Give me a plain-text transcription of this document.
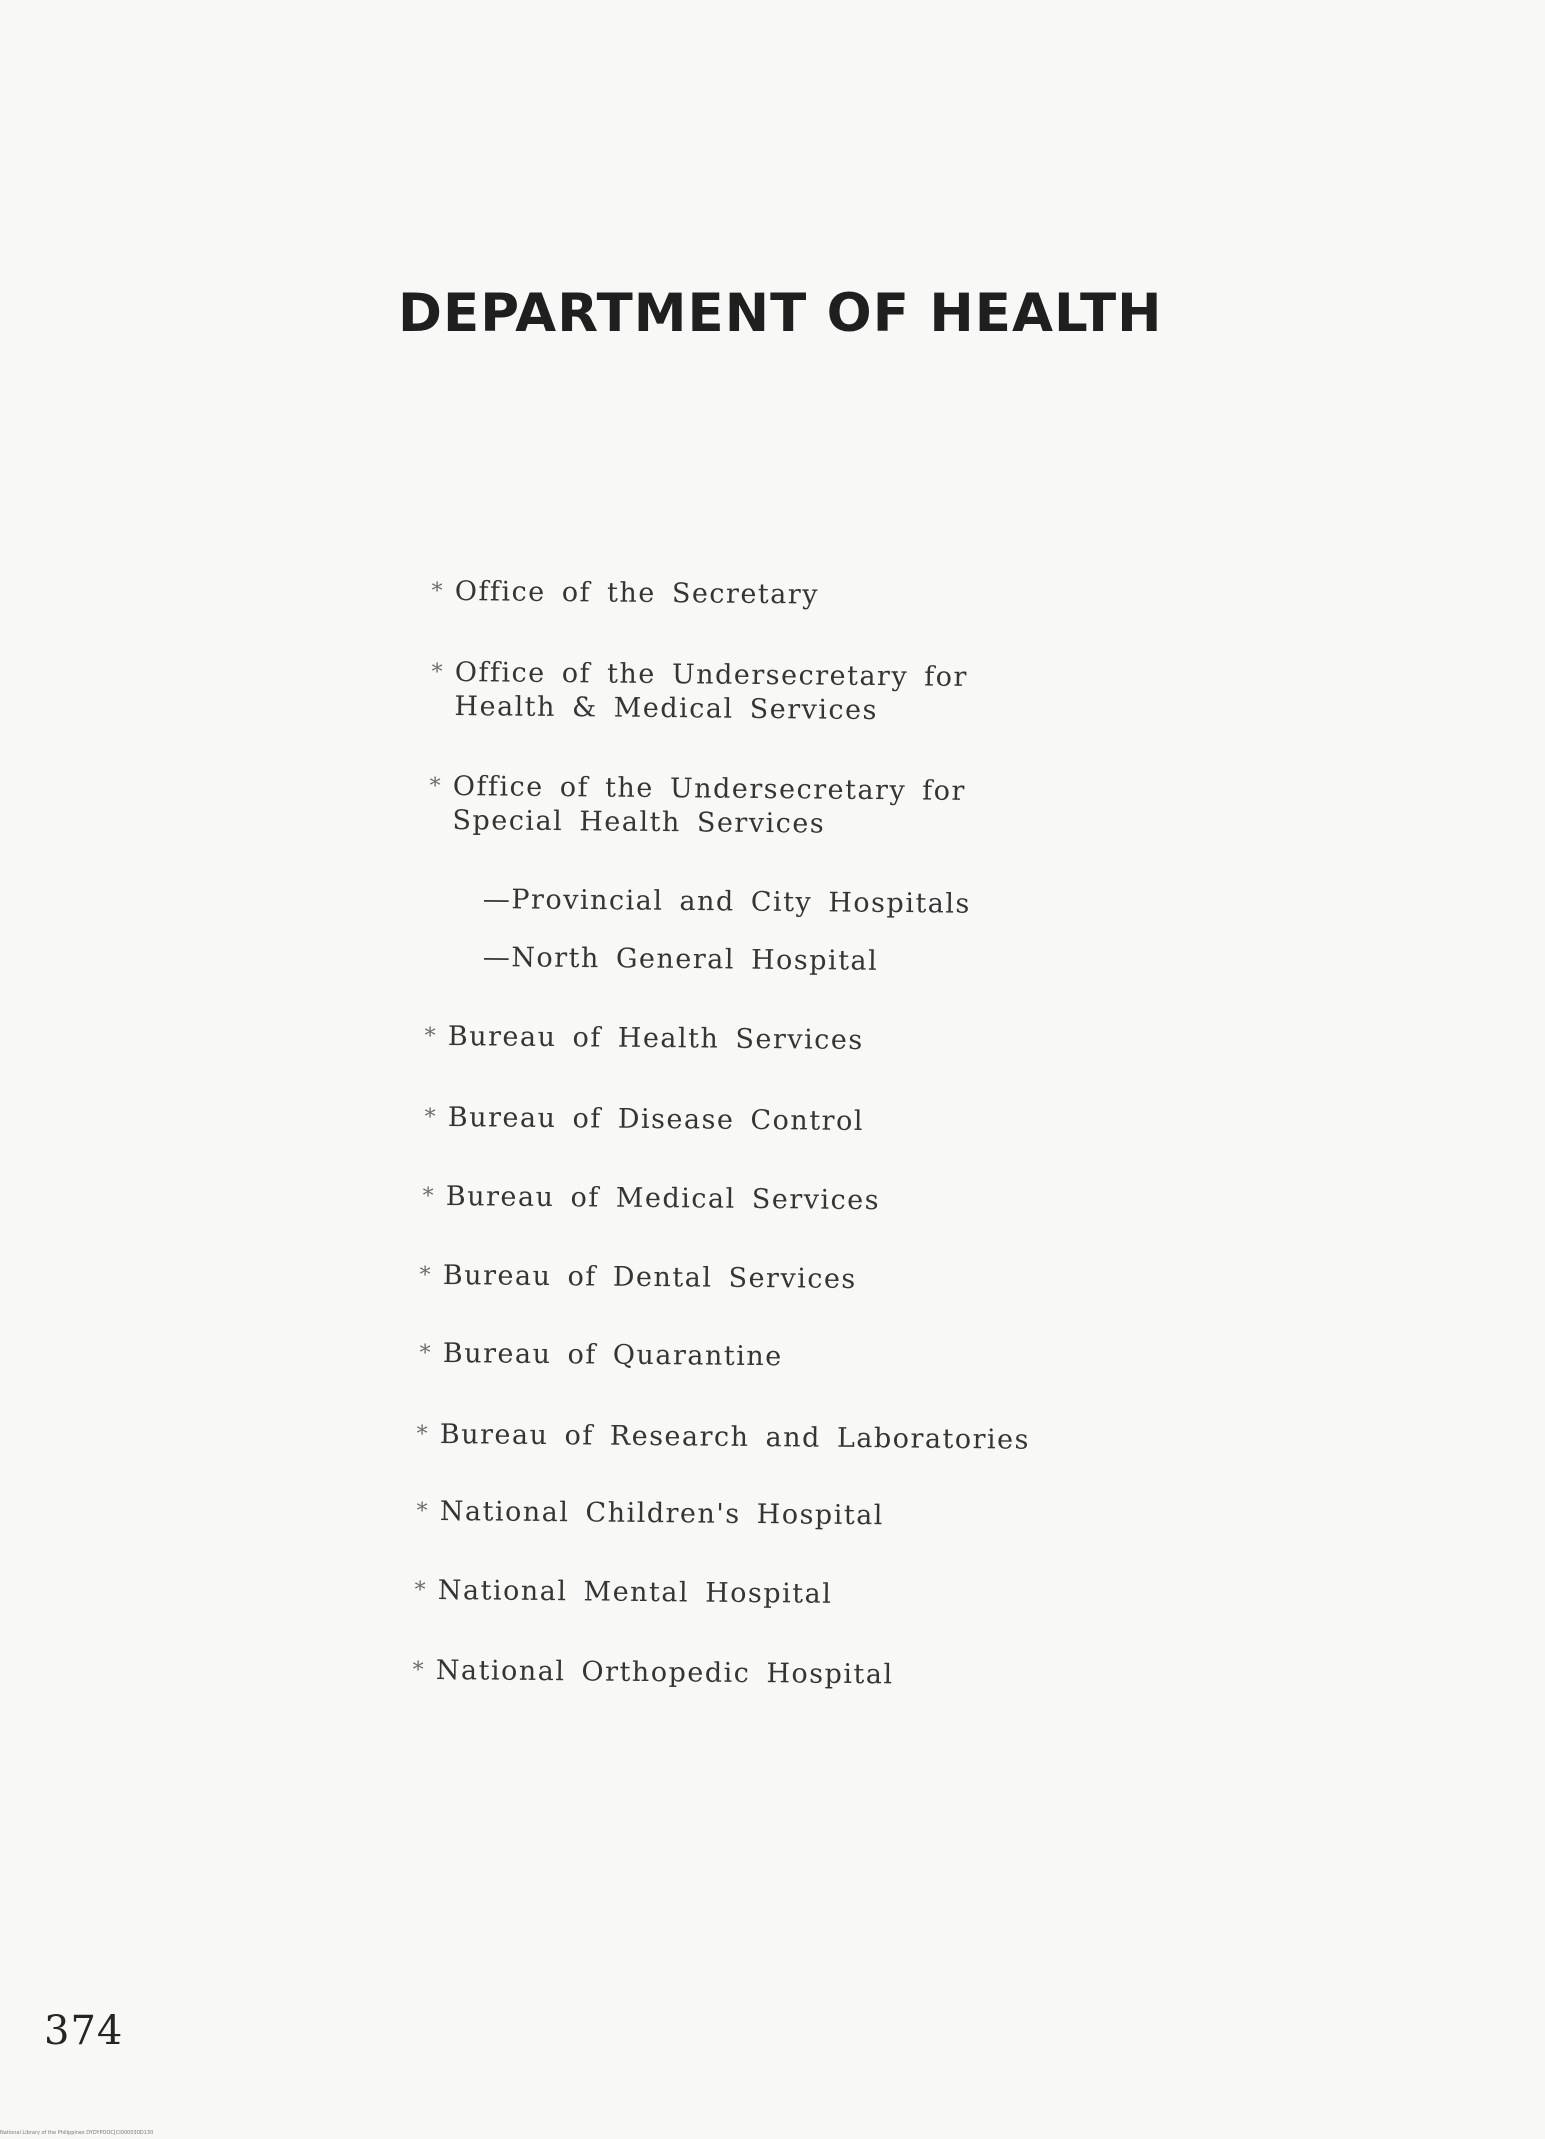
DEPARTMENT OF HEALTH
* Office of the Secretary
* Office of the Undersecretary for Health & Medical Services
* Office of the Undersecretary for Special Health Services
—Provincial and City Hospitals
—North General Hospital
* Bureau of Health Services
* Bureau of Disease Control
* Bureau of Medical Services
* Bureau of Dental Services
* Bureau of Quarantine
* Bureau of Research and Laboratories
* National Children's Hospital
* National Mental Hospital
* National Orthopedic Hospital
374
National Library of the Philippines DYDYPOOC[CI000030D130
